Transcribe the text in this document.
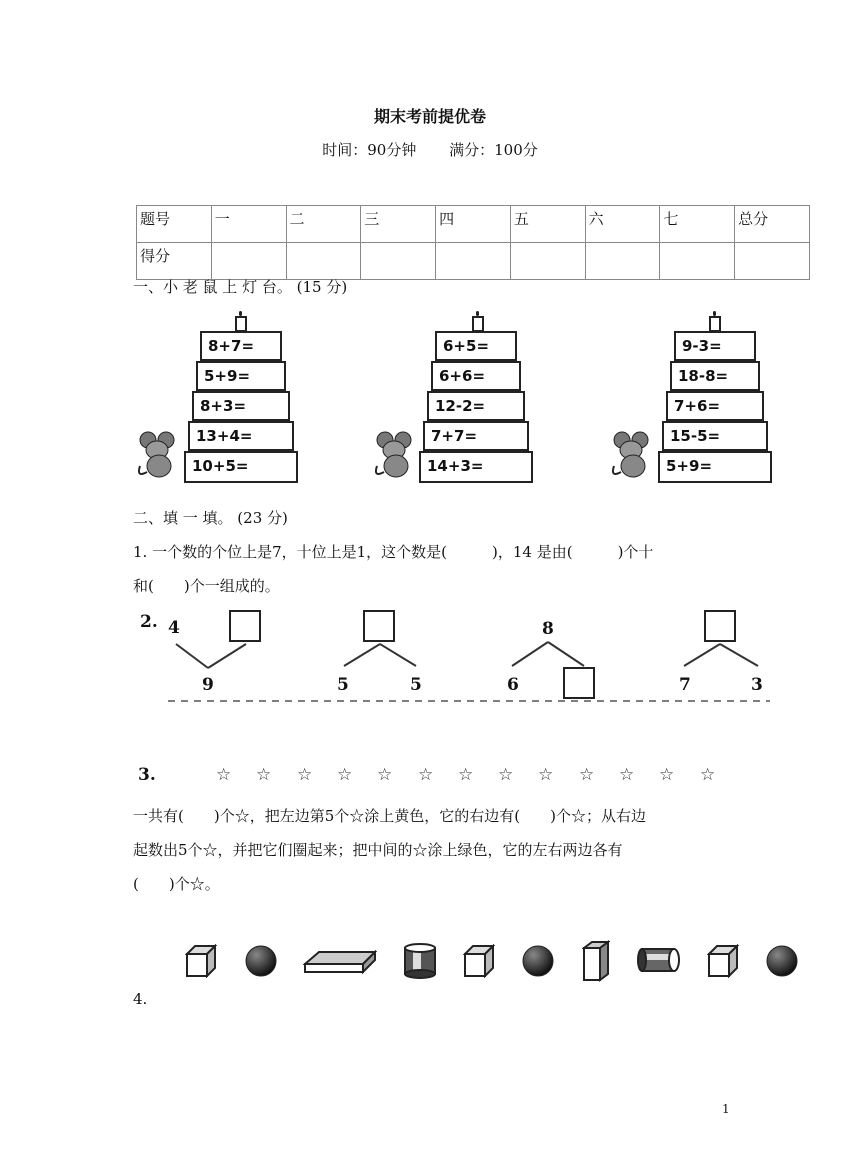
期末考前提优卷
时间：90分钟 满分：100分
题号	一	二	三	四	五	六	七	总分
得分								
一、小 老 鼠 上 灯 台。 (15 分)
8+7=
5+9=
8+3=
13+4=
10+5=
6+5=
6+6=
12-2=
7+7=
14+3=
9-3=
18-8=
7+6=
15-5=
5+9=
二、填 一 填。 (23 分)
1. 一个数的个位上是7，十位上是1，这个数是(　　　)，14 是由(　　　)个十
和(　　)个一组成的。
2. 4
9	5	5
8
6	7	3
3.	☆ ☆ ☆ ☆ ☆ ☆ ☆ ☆ ☆ ☆ ☆ ☆ ☆
一共有(　　)个☆，把左边第5个☆涂上黄色，它的右边有(　　)个☆；从右边
起数出5个☆，并把它们圈起来；把中间的☆涂上绿色，它的左右两边各有
(　　)个☆。
4.
1
